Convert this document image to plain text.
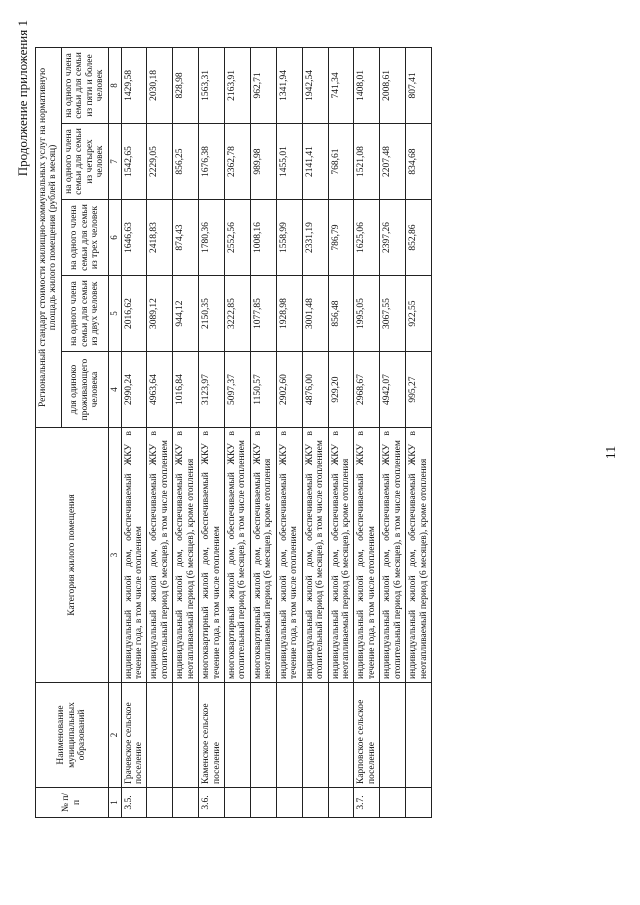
Продолжение приложения 1
№ п/п	Наименование муниципальных образований	Категория жилого помещения	Региональный стандарт стоимости жилищно-коммунальных услуг на нормативную площадь жилого помещения (рублей в месяц)				
			для одиноко проживающего человека	на одного члена семьи для семьи из двух человек	на одного члена семьи для семьи из трех человек	на одного члена семьи для семьи из четырех человек	на одного члена семьи для семьи из пяти и более человек
1	2	3	4	5	6	7	8
3.5.	Грачевское сельское поселение	индивидуальный жилой дом, обеспечиваемый ЖКУ в течение года, в том числе отоплением	2990,24	2016,62	1646,63	1542,65	1429,58
		индивидуальный жилой дом, обеспечиваемый ЖКУ в отопительный период (6 месяцев), в том числе отоплением	4963,64	3089,12	2418,83	2229,05	2030,18
		индивидуальный жилой дом, обеспечиваемый ЖКУ в неотапливаемый период (6 месяцев), кроме отопления	1016,84	944,12	874,43	856,25	828,98
3.6.	Каменское сельское поселение	многоквартирный жилой дом, обеспечиваемый ЖКУ в течение года, в том числе отоплением	3123,97	2150,35	1780,36	1676,38	1563,31
		многоквартирный жилой дом, обеспечиваемый ЖКУ в отопительный период (6 месяцев), в том числе отоплением	5097,37	3222,85	2552,56	2362,78	2163,91
		многоквартирный жилой дом, обеспечиваемый ЖКУ в неотапливаемый период (6 месяцев), кроме отопления	1150,57	1077,85	1008,16	989,98	962,71
		индивидуальный жилой дом, обеспечиваемый ЖКУ в течение года, в том числе отоплением	2902,60	1928,98	1558,99	1455,01	1341,94
		индивидуальный жилой дом, обеспечиваемый ЖКУ в отопительный период (6 месяцев), в том числе отоплением	4876,00	3001,48	2331,19	2141,41	1942,54
		индивидуальный жилой дом, обеспечиваемый ЖКУ в неотапливаемый период (6 месяцев), кроме отопления	929,20	856,48	786,79	768,61	741,34
3.7.	Карповское сельское поселение	индивидуальный жилой дом, обеспечиваемый ЖКУ в течение года, в том числе отоплением	2968,67	1995,05	1625,06	1521,08	1408,01
		индивидуальный жилой дом, обеспечиваемый ЖКУ в отопительный период (6 месяцев), в том числе отоплением	4942,07	3067,55	2397,26	2207,48	2008,61
		индивидуальный жилой дом, обеспечиваемый ЖКУ в неотапливаемый период (6 месяцев), кроме отопления	995,27	922,55	852,86	834,68	807,41
11
